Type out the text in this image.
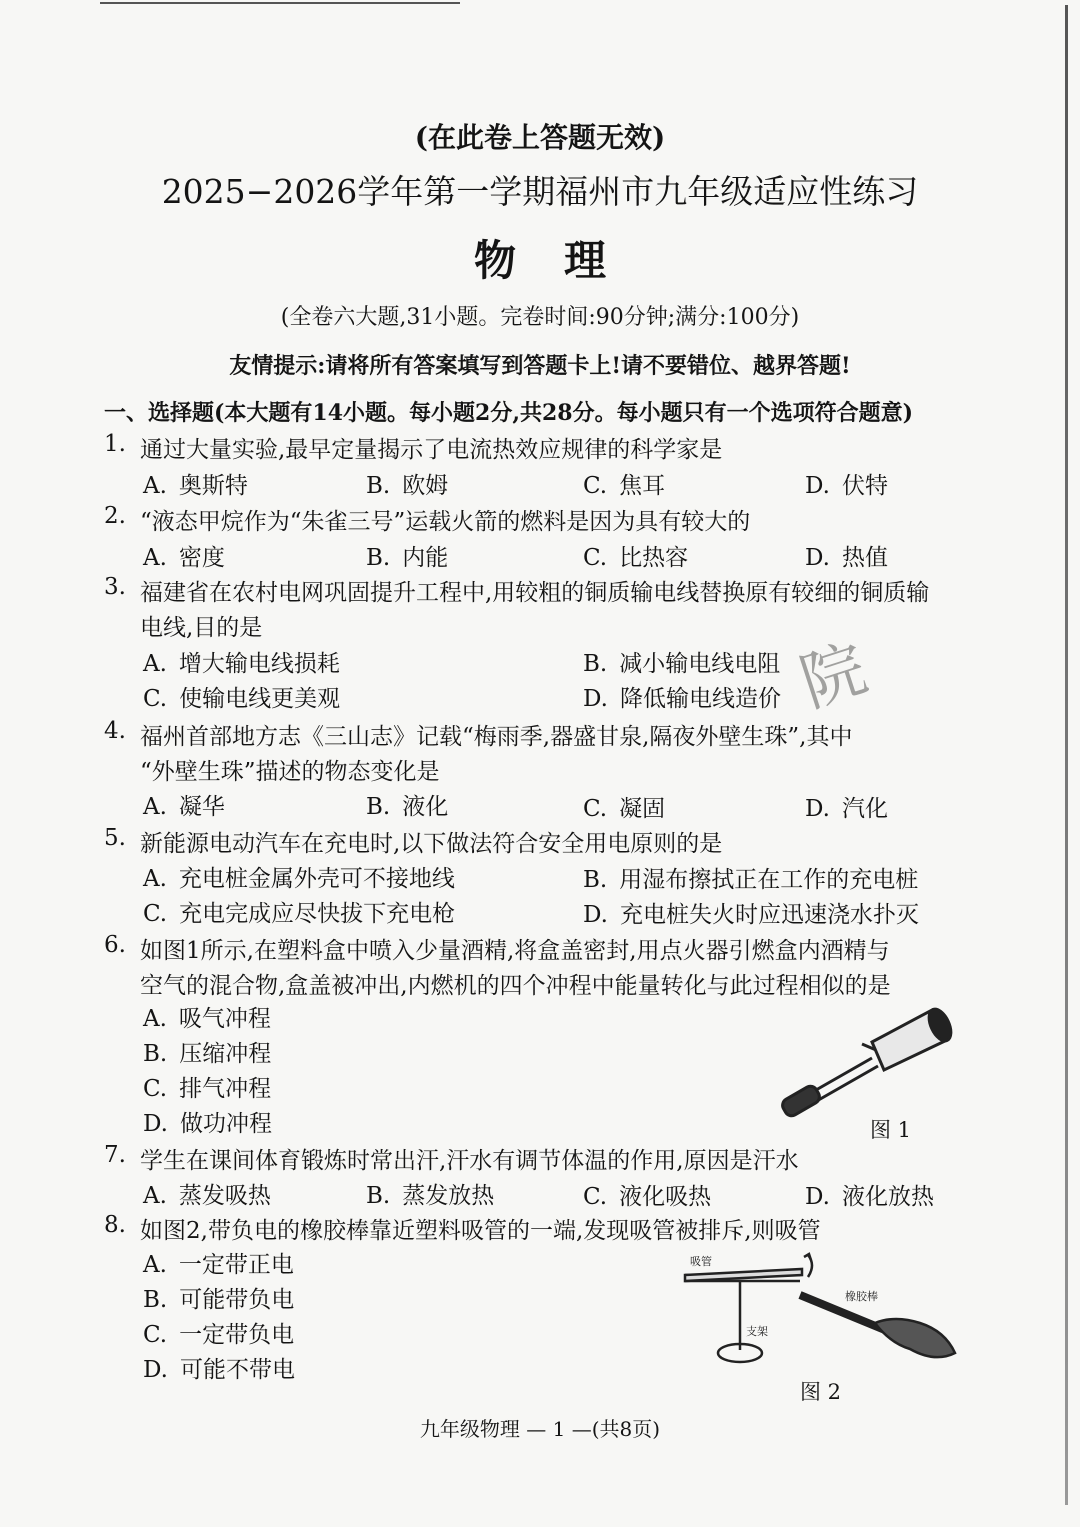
(在此卷上答题无效)
2025−2026学年第一学期福州市九年级适应性练习
物理
(全卷六大题,31小题。完卷时间:90分钟;满分:100分)
友情提示:请将所有答案填写到答题卡上!请不要错位、越界答题!
一、选择题(本大题有14小题。每小题2分,共28分。每小题只有一个选项符合题意)
1. 通过大量实验,最早定量揭示了电流热效应规律的科学家是
A. 奥斯特	B. 欧姆	C. 焦耳	D. 伏特
2. “液态甲烷作为“朱雀三号”运载火箭的燃料是因为具有较大的
A. 密度	B. 内能	C. 比热容	D. 热值
3. 福建省在农村电网巩固提升工程中,用较粗的铜质输电线替换原有较细的铜质输
电线,目的是
A. 增大输电线损耗	B. 减小输电线电阻
C. 使输电线更美观	D. 降低输电线造价 院
4. 福州首部地方志《三山志》记载“梅雨季,器盛甘泉,隔夜外壁生珠”,其中
“外壁生珠”描述的物态变化是
A. 凝华	B. 液化	C. 凝固	D. 汽化
5. 新能源电动汽车在充电时,以下做法符合安全用电原则的是
A. 充电桩金属外壳可不接地线	B. 用湿布擦拭正在工作的充电桩
C. 充电完成应尽快拔下充电枪	D. 充电桩失火时应迅速浇水扑灭
6. 如图1所示,在塑料盒中喷入少量酒精,将盒盖密封,用点火器引燃盒内酒精与
空气的混合物,盒盖被冲出,内燃机的四个冲程中能量转化与此过程相似的是
A. 吸气冲程
B. 压缩冲程
C. 排气冲程
D. 做功冲程	图 1
7. 学生在课间体育锻炼时常出汗,汗水有调节体温的作用,原因是汗水
A. 蒸发吸热	B. 蒸发放热	C. 液化吸热	D. 液化放热
8. 如图2,带负电的橡胶棒靠近塑料吸管的一端,发现吸管被排斥,则吸管
A. 一定带正电
B. 可能带负电
C. 一定带负电
D. 可能不带电
吸管
支架
橡胶棒
图 2
九年级物理 — 1 —(共8页)
